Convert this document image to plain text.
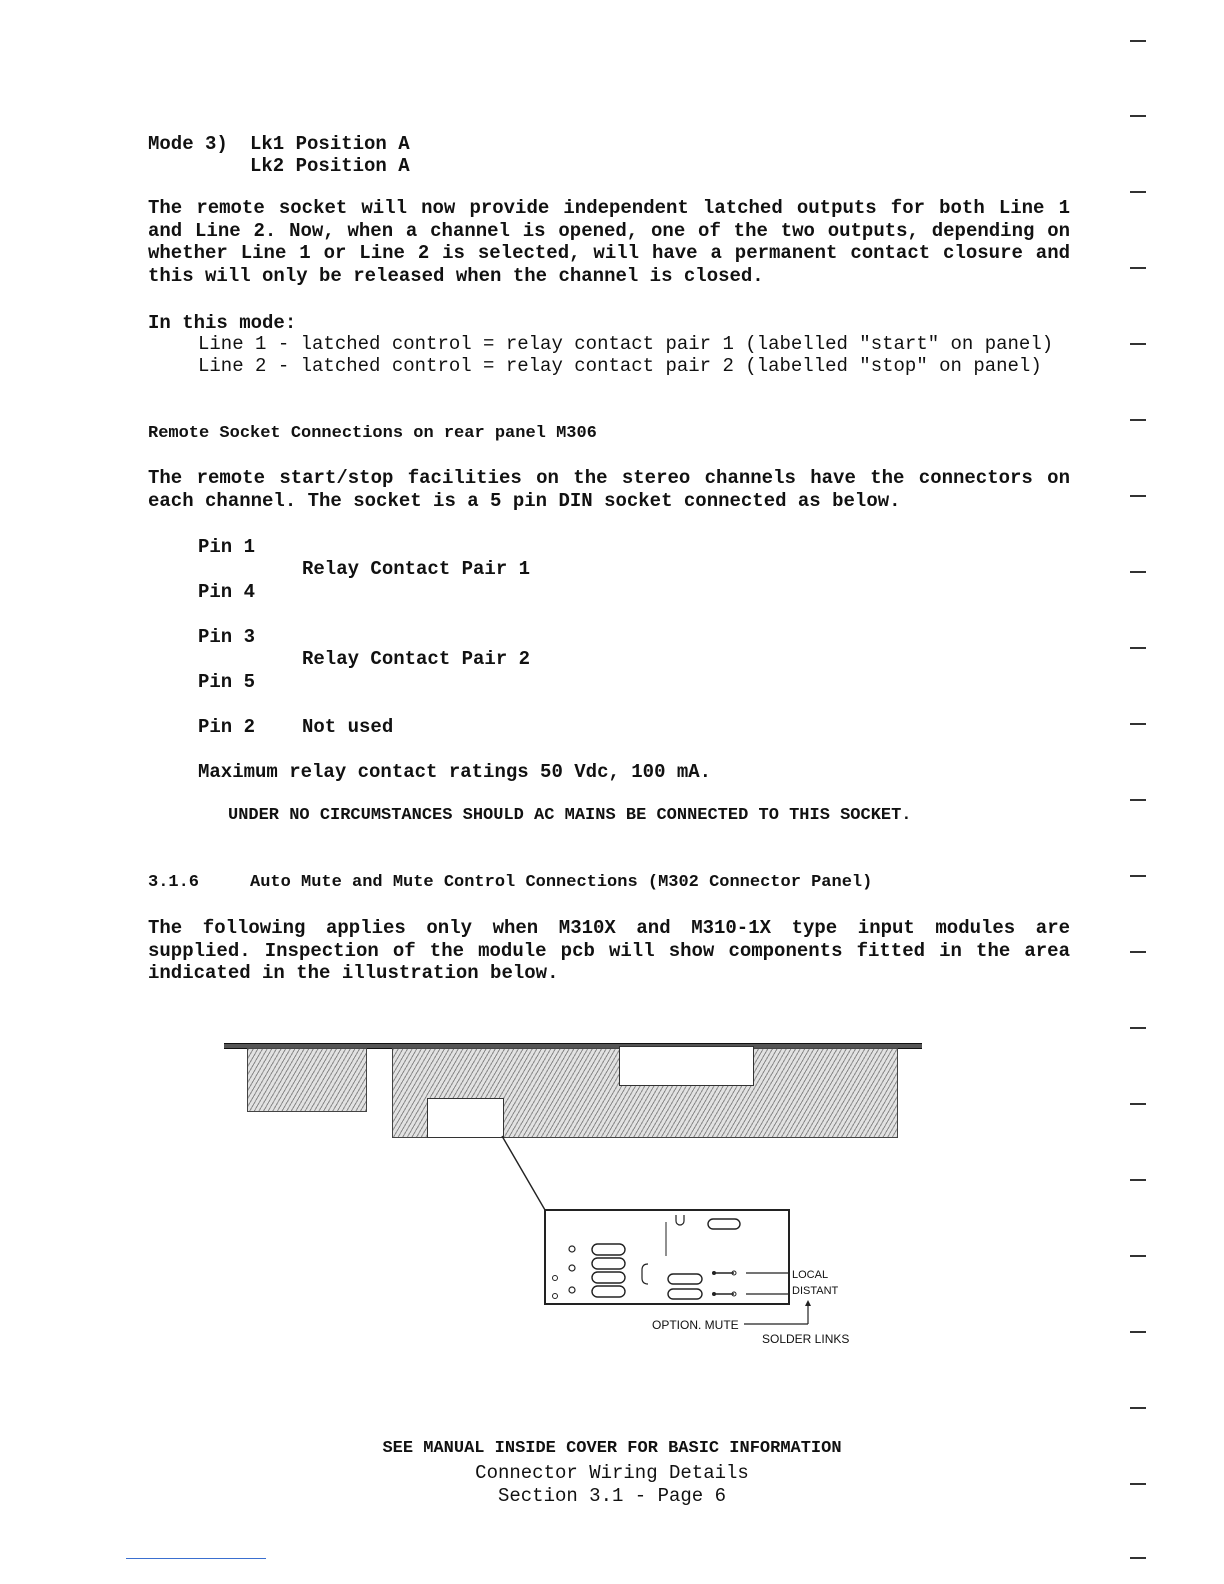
Mode 3) Lk1 Position A
Lk2 Position A
The remote socket will now provide independent latched outputs for both Line 1 and Line 2. Now, when a channel is opened, one of the two outputs, depending on whether Line 1 or Line 2 is selected, will have a permanent contact closure and this will only be released when the channel is closed.
In this mode:
Line 1 - latched control = relay contact pair 1 (labelled "start" on panel)
Line 2 - latched control = relay contact pair 2 (labelled "stop" on panel)
Remote Socket Connections on rear panel M306
The remote start/stop facilities on the stereo channels have the connectors on each channel. The socket is a 5 pin DIN socket connected as below.
Pin 1
Relay Contact Pair 1
Pin 4
Pin 3
Relay Contact Pair 2
Pin 5
Pin 2 Not used
Maximum relay contact ratings 50 Vdc, 100 mA.
UNDER NO CIRCUMSTANCES SHOULD AC MAINS BE CONNECTED TO THIS SOCKET.
3.1.6	Auto Mute and Mute Control Connections (M302 Connector Panel)
The following applies only when M310X and M310-1X type input modules are supplied. Inspection of the module pcb will show components fitted in the area indicated in the illustration below.
LOCAL
DISTANT
OPTION. MUTE
SOLDER LINKS
SEE MANUAL INSIDE COVER FOR BASIC INFORMATION
Connector Wiring Details
Section 3.1 - Page 6
